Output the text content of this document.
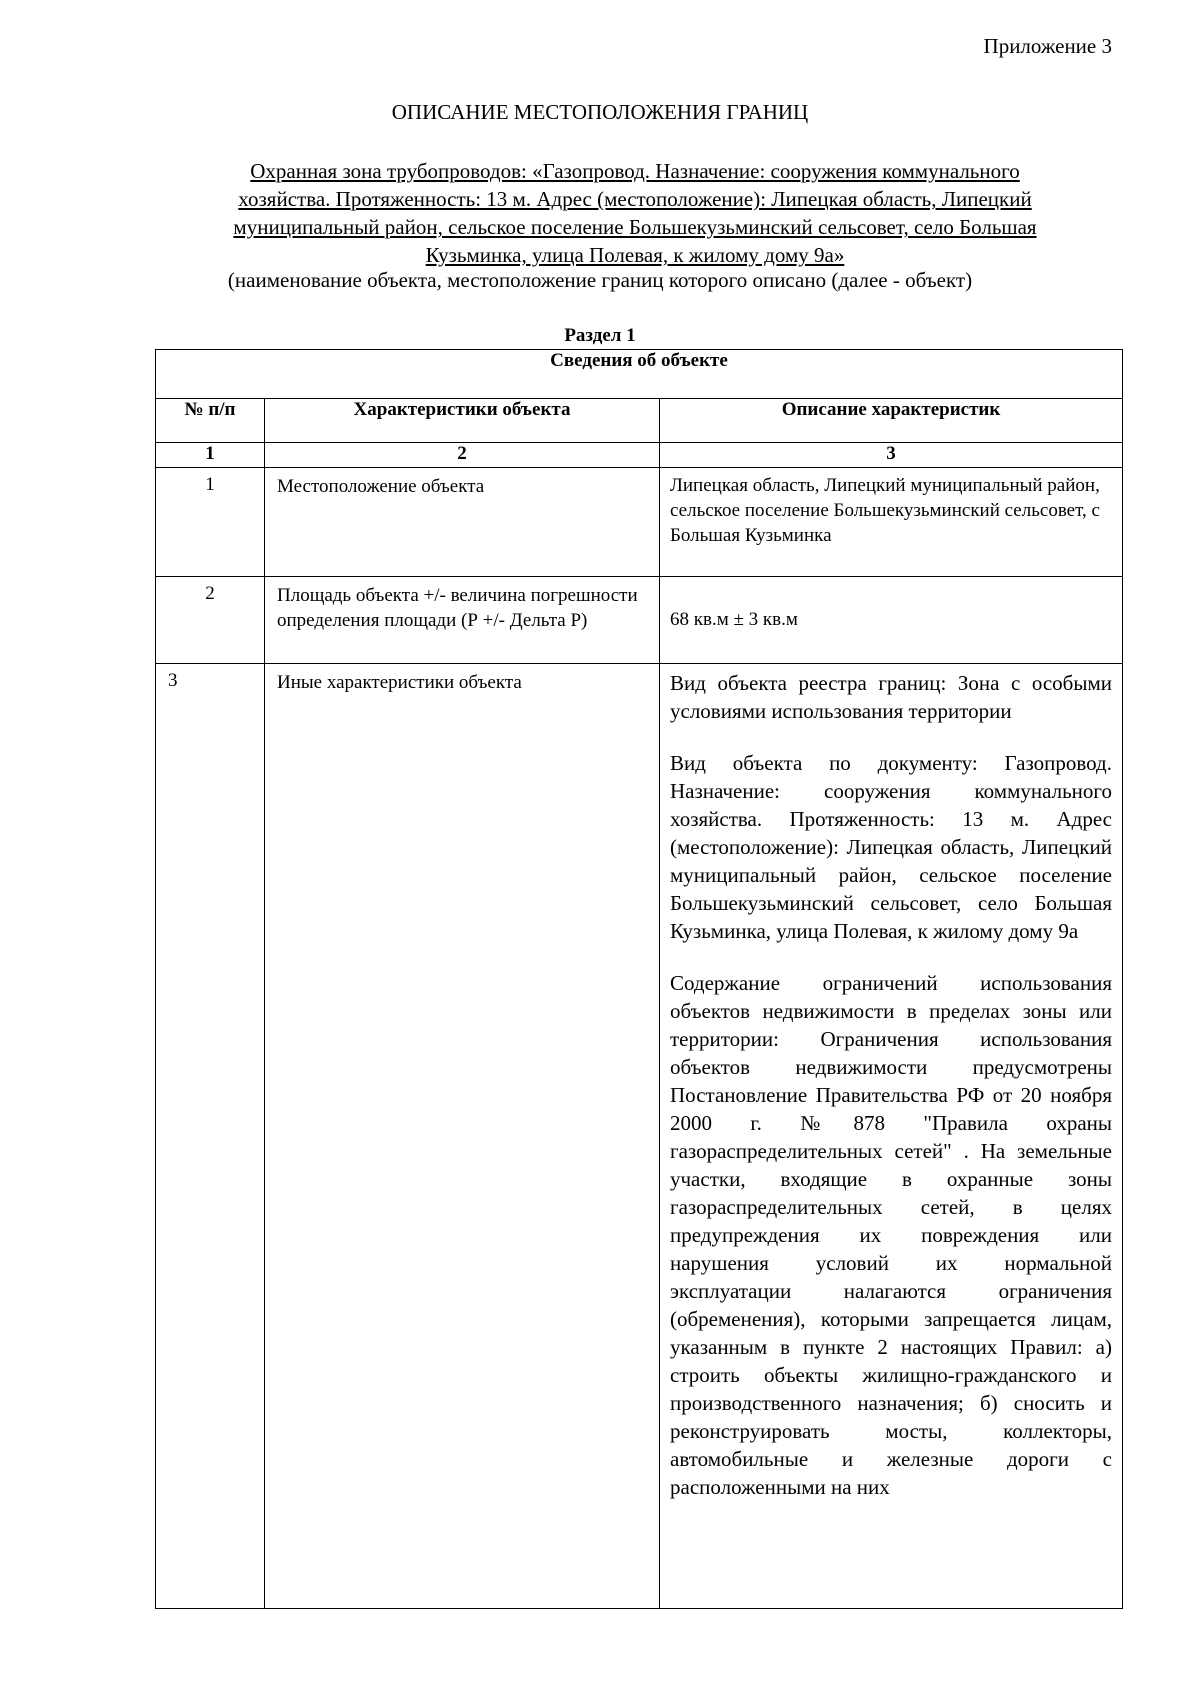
Приложение 3
ОПИСАНИЕ МЕСТОПОЛОЖЕНИЯ ГРАНИЦ
Охранная зона трубопроводов: «Газопровод. Назначение: сооружения коммунального
хозяйства. Протяженность: 13 м. Адрес (местоположение): Липецкая область, Липецкий
муниципальный район, сельское поселение Большекузьминский сельсовет, село Большая
Кузьминка, улица Полевая, к жилому дому 9а»
(наименование объекта, местоположение границ которого описано (далее - объект)
Раздел 1
Сведения об объекте		
№ п/п	Характеристики объекта	Описание характеристик
1	2	3
1	Местоположение объекта	Липецкая область, Липецкий муниципальный район, сельское поселение Большекузьминский сельсовет, с Большая Кузьминка
2	Площадь объекта +/- величина погрешности определения площади (Р +/- Дельта Р)	68 кв.м ± 3 кв.м
3	Иные характеристики объекта	Вид объекта реестра границ: Зона с особыми условиями использования территории

Вид объекта по документу: Газопровод. Назначение: сооружения коммунального хозяйства. Протяженность: 13 м. Адрес (местоположение): Липецкая область, Липецкий муниципальный район, сельское поселение Большекузьминский сельсовет, село Большая Кузьминка, улица Полевая, к жилому дому 9а

Содержание ограничений использования объектов недвижимости в пределах зоны или территории: Ограничения использования объектов недвижимости предусмотрены Постановление Правительства РФ от 20 ноября 2000 г. №878 "Правила охраны газораспределительных сетей" . На земельные участки, входящие в охранные зоны газораспределительных сетей, в целях предупреждения их повреждения или нарушения условий их нормальной эксплуатации налагаются ограничения (обременения), которыми запрещается лицам, указанным в пункте 2 настоящих Правил: а) строить объекты жилищно-гражданского и производственного назначения; б) сносить и реконструировать мосты, коллекторы, автомобильные и железные дороги с расположенными на них
